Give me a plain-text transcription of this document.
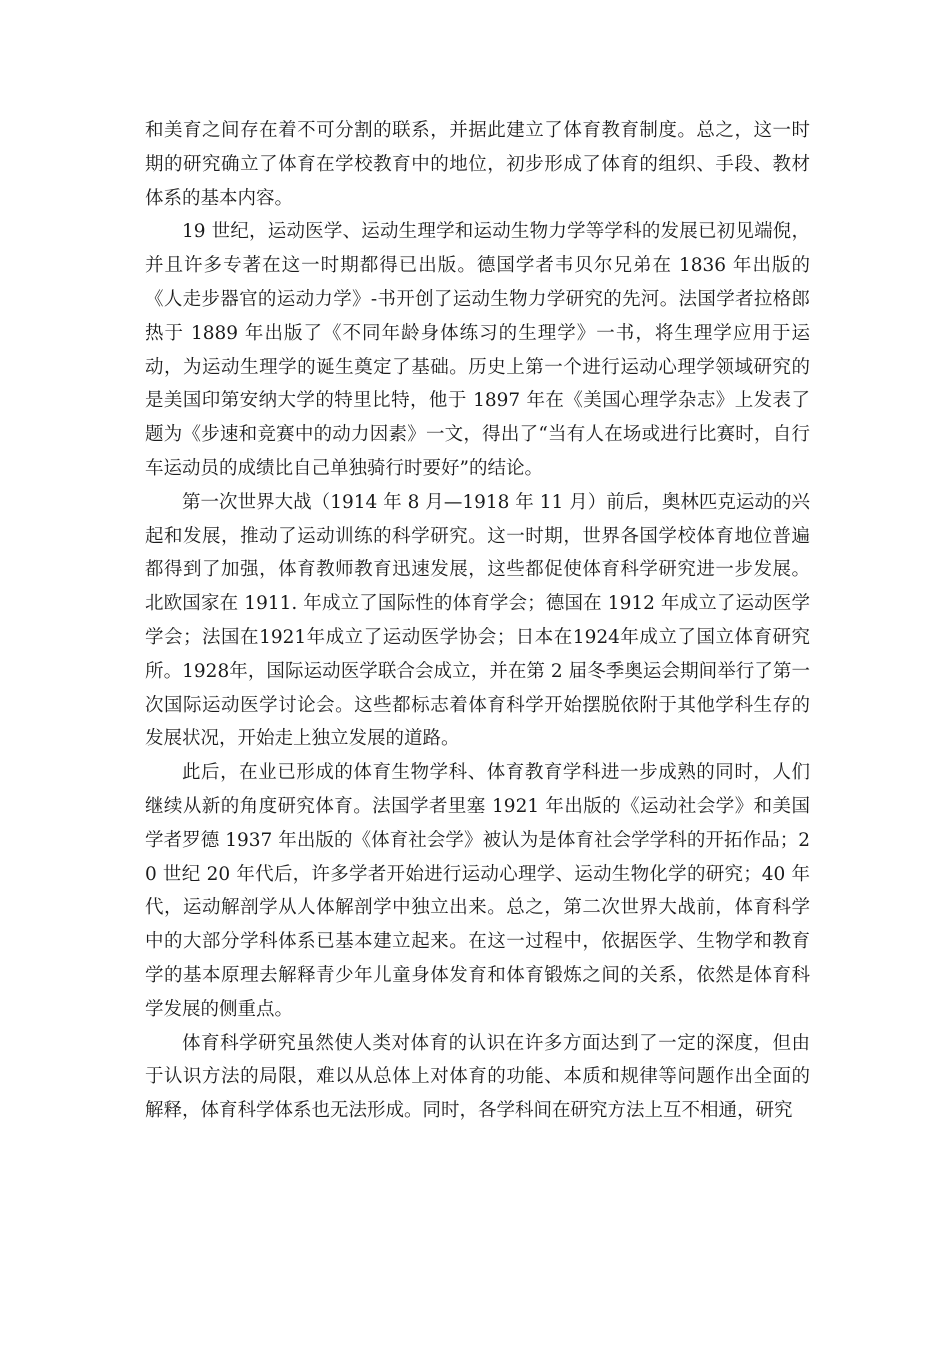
和美育之间存在着不可分割的联系，并据此建立了体育教育制度。总之，这一时期的研究确立了体育在学校教育中的地位，初步形成了体育的组织、手段、教材体系的基本内容。

19 世纪，运动医学、运动生理学和运动生物力学等学科的发展已初见端倪，并且许多专著在这一时期都得已出版。德国学者韦贝尔兄弟在 1836 年出版的《人走步器官的运动力学》-书开创了运动生物力学研究的先河。法国学者拉格郎热于 1889 年出版了《不同年龄身体练习的生理学》一书，将生理学应用于运动，为运动生理学的诞生奠定了基础。历史上第一个进行运动心理学领域研究的是美国印第安纳大学的特里比特，他于 1897 年在《美国心理学杂志》上发表了题为《步速和竞赛中的动力因素》一文，得出了“当有人在场或进行比赛时，自行车运动员的成绩比自己单独骑行时要好”的结论。

第一次世界大战（1914 年 8 月—1918 年 11 月）前后，奥林匹克运动的兴起和发展，推动了运动训练的科学研究。这一时期，世界各国学校体育地位普遍都得到了加强，体育教师教育迅速发展，这些都促使体育科学研究进一步发展。北欧国家在 1911. 年成立了国际性的体育学会；德国在 1912 年成立了运动医学学会；法国在1921年成立了运动医学协会；日本在1924年成立了国立体育研究所。1928年，国际运动医学联合会成立，并在第 2 届冬季奥运会期间举行了第一次国际运动医学讨论会。这些都标志着体育科学开始摆脱依附于其他学科生存的发展状况，开始走上独立发展的道路。

此后，在业已形成的体育生物学科、体育教育学科进一步成熟的同时，人们继续从新的角度研究体育。法国学者里塞 1921 年出版的《运动社会学》和美国学者罗德 1937 年出版的《体育社会学》被认为是体育社会学学科的开拓作品；20 世纪 20 年代后，许多学者开始进行运动心理学、运动生物化学的研究；40 年代，运动解剖学从人体解剖学中独立出来。总之，第二次世界大战前，体育科学中的大部分学科体系已基本建立起来。在这一过程中，依据医学、生物学和教育学的基本原理去解释青少年儿童身体发育和体育锻炼之间的关系，依然是体育科学发展的侧重点。

体育科学研究虽然使人类对体育的认识在许多方面达到了一定的深度，但由于认识方法的局限，难以从总体上对体育的功能、本质和规律等问题作出全面的解释，体育科学体系也无法形成。同时，各学科间在研究方法上互不相通，研究
